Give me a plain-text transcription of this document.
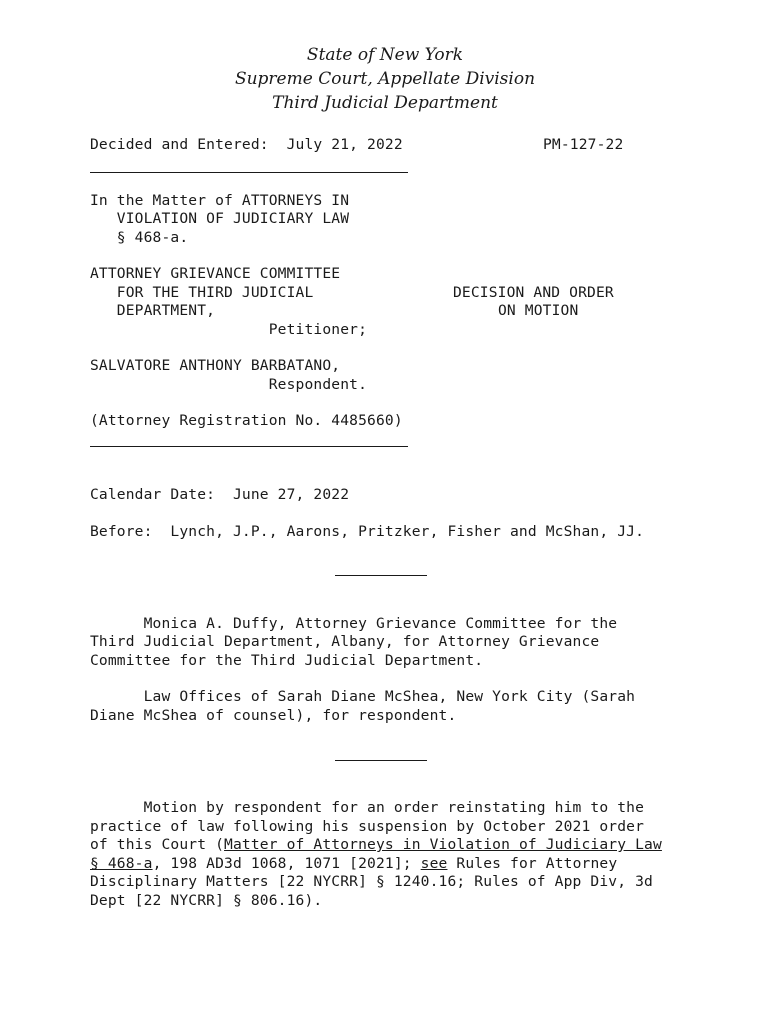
State of New York
Supreme Court, Appellate Division
Third Judicial Department
Decided and Entered:  July 21, 2022	PM-127-22
In the Matter of ATTORNEYS IN
VIOLATION OF JUDICIARY LAW
§ 468-a.
ATTORNEY GRIEVANCE COMMITTEE
FOR THE THIRD JUDICIAL
DEPARTMENT,
Petitioner;
DECISION AND ORDER
ON MOTION
SALVATORE ANTHONY BARBATANO,
Respondent.
(Attorney Registration No. 4485660)
Calendar Date:  June 27, 2022
Before:  Lynch, J.P., Aarons, Pritzker, Fisher and McShan, JJ.
Monica A. Duffy, Attorney Grievance Committee for the
Third Judicial Department, Albany, for Attorney Grievance
Committee for the Third Judicial Department.
Law Offices of Sarah Diane McShea, New York City (Sarah
Diane McShea of counsel), for respondent.
Motion by respondent for an order reinstating him to the
practice of law following his suspension by October 2021 order
of this Court (Matter of Attorneys in Violation of Judiciary Law
§ 468-a, 198 AD3d 1068, 1071 [2021]; see Rules for Attorney
Disciplinary Matters [22 NYCRR] § 1240.16; Rules of App Div, 3d
Dept [22 NYCRR] § 806.16).
